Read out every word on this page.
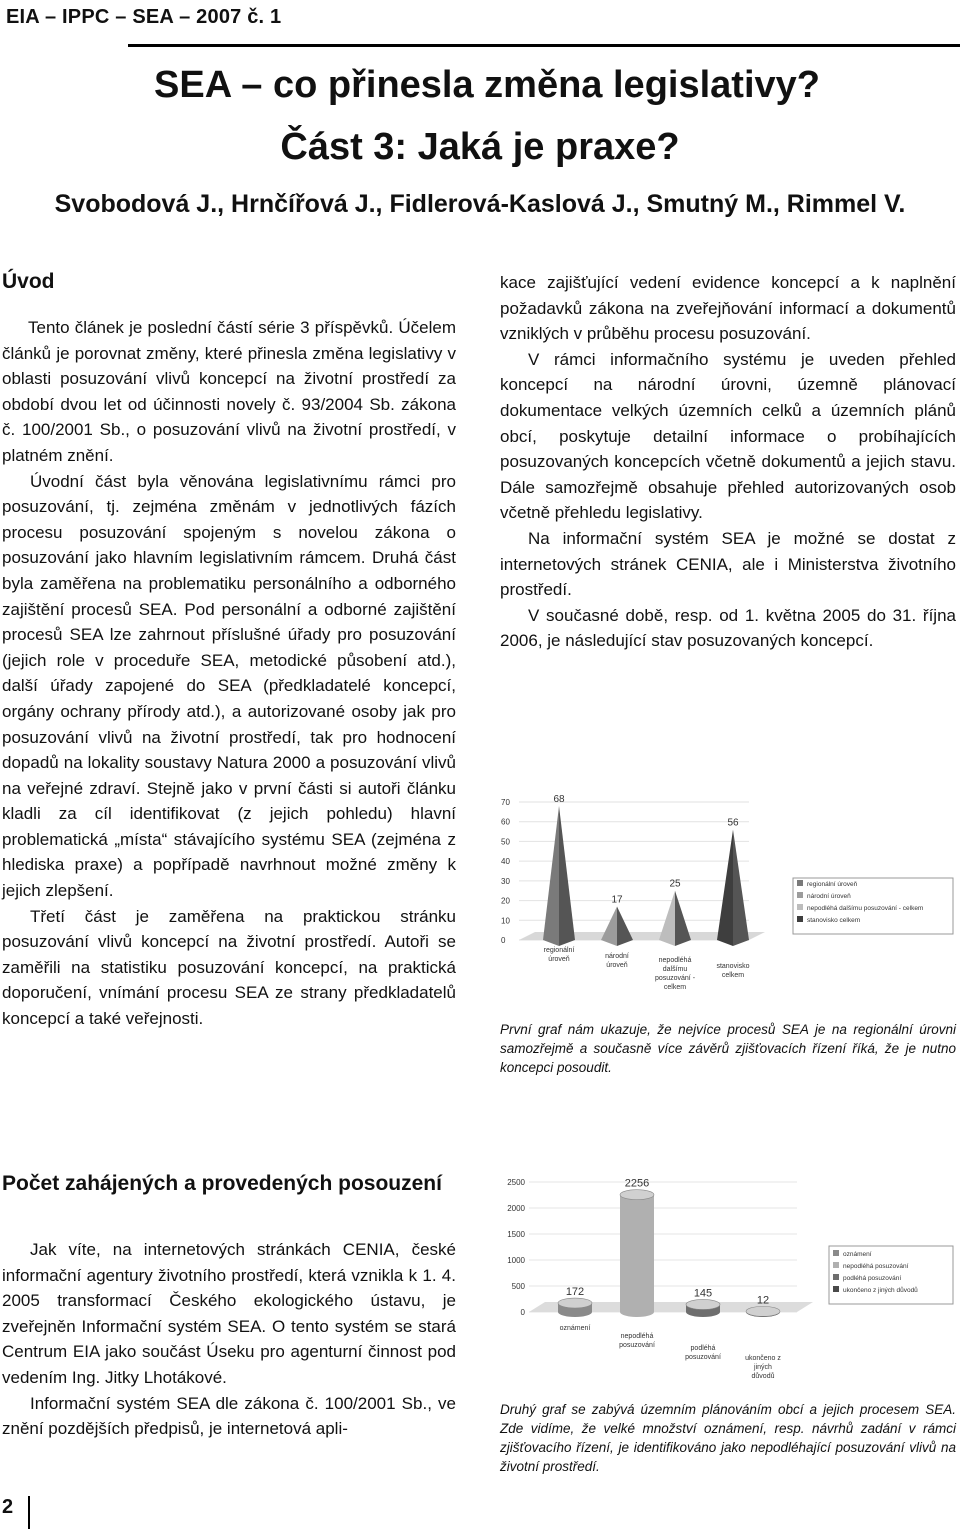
EIA – IPPC – SEA – 2007 č. 1
SEA – co přinesla změna legislativy?
Část 3: Jaká je praxe?
Svobodová J., Hrnčířová J., Fidlerová-Kaslová J., Smutný M., Rimmel V.
Úvod

Tento článek je poslední částí série 3 příspěvků. Účelem článků je porovnat změny, které přinesla změna legislativy v oblasti posuzování vlivů koncepcí na životní prostředí za období dvou let od účinnosti novely č. 93/2004 Sb. zákona č. 100/2001 Sb., o posuzování vlivů na životní prostředí, v platném znění.

Úvodní část byla věnována legislativnímu rámci pro posuzování, tj. zejména změnám v jednotlivých fázích procesu posuzování spojeným s novelou zákona o posuzování jako hlavním legislativním rámcem. Druhá část byla zaměřena na problematiku personálního a odborného zajištění procesů SEA. Pod personální a odborné zajištění procesů SEA lze zahrnout příslušné úřady pro posuzování (jejich role v proceduře SEA, metodické působení atd.), další úřady zapojené do SEA (předkladatelé koncepcí, orgány ochrany přírody atd.), a autorizované osoby jak pro posuzování vlivů na životní prostředí, tak pro hodnocení dopadů na lokality soustavy Natura 2000 a posuzování vlivů na veřejné zdraví. Stejně jako v první části si autoři článku kladli za cíl identifikovat (z jejich pohledu) hlavní problematická „místa“ stávajícího systému SEA (zejména z hlediska praxe) a popřípadě navrhnout možné změny k jejich zlepšení.

Třetí část je zaměřena na praktickou stránku posuzování vlivů koncepcí na životní prostředí. Autoři se zaměřili na statistiku posuzování koncepcí, na praktická doporučení, vnímání procesu SEA ze strany předkladatelů koncepcí a také veřejnosti.

Počet zahájených a provedených posouzení

Jak víte, na internetových stránkách CENIA, české informační agentury životního prostředí, která vznikla k 1. 4. 2005 transformací Českého ekologického ústavu, je zveřejněn Informační systém SEA. O tento systém se stará Centrum EIA jako součást Úseku pro agenturní činnost pod vedením Ing. Jitky Lhotákové.

Informační systém SEA dle zákona č. 100/2001 Sb., ve znění pozdějších předpisů, je internetová apli-

kace zajišťující vedení evidence koncepcí a k naplnění požadavků zákona na zveřejňování informací a dokumentů vzniklých v průběhu procesu posuzování.

V rámci informačního systému je uveden přehled koncepcí na národní úrovni, územně plánovací dokumentace velkých územních celků a územních plánů obcí, poskytuje detailní informace o probíhajících posuzovaných koncepcích včetně dokumentů a jejich stavu. Dále samozřejmě obsahuje přehled autorizovaných osob včetně přehledu legislativy.

Na informační systém SEA je možné se dostat z internetových stránek CENIA, ale i Ministerstva životního prostředí.

V současné době, resp. od 1. května 2005 do 31. října 2006, je následující stav posuzovaných koncepcí.

70
60
50
40
30
20
10
0
68
17
25
56
regionální
úroveň	národní
úroveň
nepodléhá
dalšímu
posuzování -
celkem
stanovisko
celkem
regionální úroveň
národní úroveň
nepodléhá dalšímu posuzování - celkem
stanovisko celkem
První graf nám ukazuje, že nejvíce procesů SEA je na regionální úrovni samozřejmě a současně více závěrů zjišťovacích řízení říká, že je nutno koncepci posoudit.
2500
2000
1500
1000
500
0
172
2256
145
12
oznámení
nepodléhá
posuzování	podléhá
posuzování	ukončeno z
jiných
důvodů
oznámení
nepodléhá posuzování
podléhá posuzování
ukončeno z jiných důvodů
Druhý graf se zabývá územním plánováním obcí a jejich procesem SEA. Zde vidíme, že velké množství oznámení, resp. návrhů zadání v rámci zjišťovacího řízení, je identifikováno jako nepodléhající posuzování vlivů na životní prostředí.
2
